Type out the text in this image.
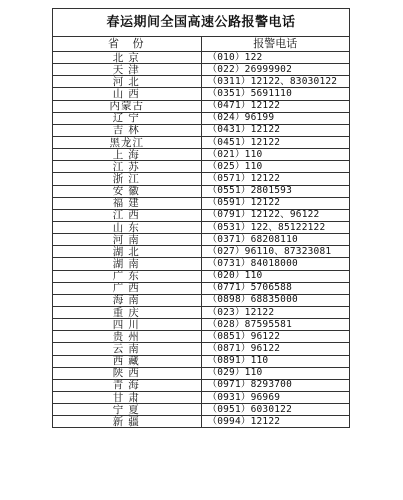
春运期间全国高速公路报警电话	
省 份	报警电话
北京	（010）122
天津	（022）26999902
河北	（0311）12122、83030122
山西	（0351）5691110
内蒙古	（0471）12122
辽宁	（024）96199
吉林	（0431）12122
黑龙江	（0451）12122
上海	（021）110
江苏	（025）110
浙江	（0571）12122
安徽	（0551）2801593
福建	（0591）12122
江西	（0791）12122、96122
山东	（0531）122、85122122
河南	（0371）68208110
湖北	（027）96110、87323081
湖南	（0731）84018000
广东	（020）110
广西	（0771）5706588
海南	（0898）68835000
重庆	（023）12122
四川	（028）87595581
贵州	（0851）96122
云南	（0871）96122
西藏	（0891）110
陕西	（029）110
青海	（0971）8293700
甘肃	（0931）96969
宁夏	（0951）6030122
新疆	（0994）12122
